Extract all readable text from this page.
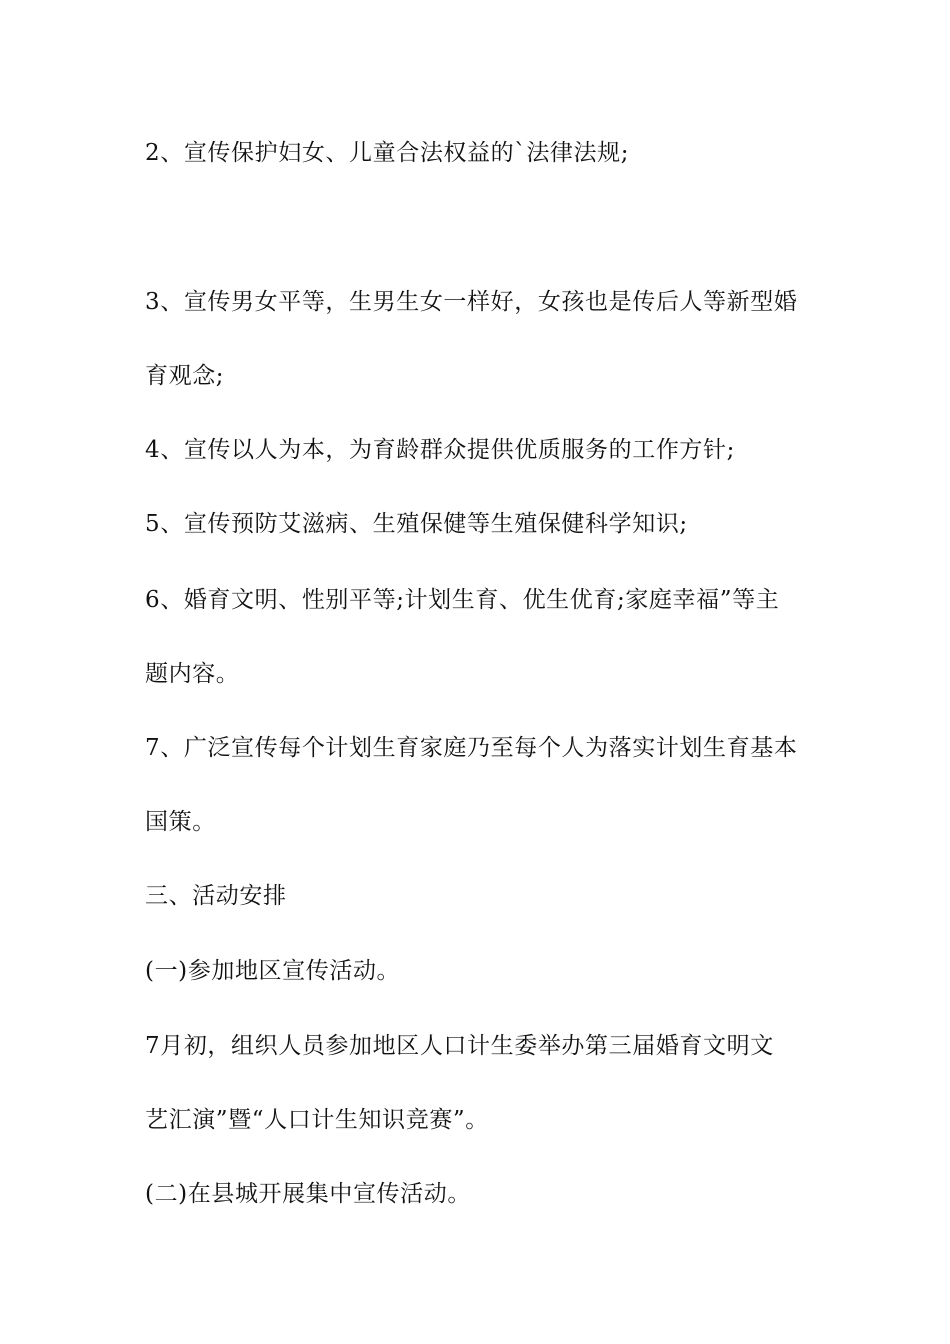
2、宣传保护妇女、儿童合法权益的`法律法规;
3、宣传男女平等，生男生女一样好，女孩也是传后人等新型婚
育观念;
4、宣传以人为本，为育龄群众提供优质服务的工作方针;
5、宣传预防艾滋病、生殖保健等生殖保健科学知识;
6、婚育文明、性别平等;计划生育、优生优育;家庭幸福”等主
题内容。
7、广泛宣传每个计划生育家庭乃至每个人为落实计划生育基本
国策。
三、活动安排
(一)参加地区宣传活动。
7月初，组织人员参加地区人口计生委举办第三届婚育文明文
艺汇演”暨“人口计生知识竞赛”。
(二)在县城开展集中宣传活动。
